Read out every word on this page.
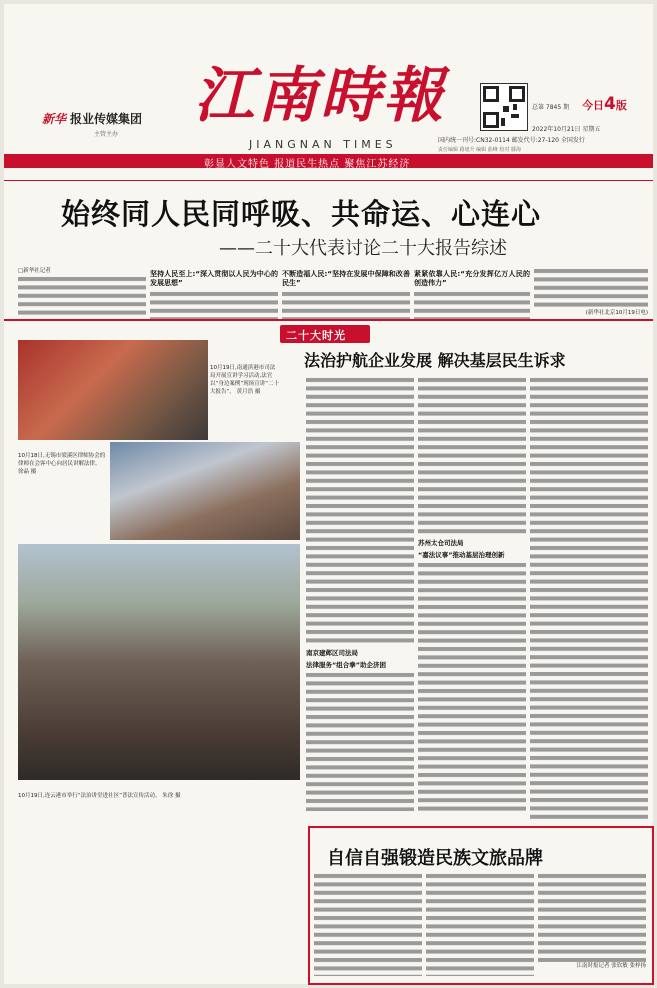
新华 报业传媒集团
主管主办
江南時報
JIANGNAN TIMES
今日4版
总第 7845 期
2022年10月21日 星期五
国内统一刊号:CN32-0114 邮发代号:27-120 全国发行
责任编辑 路旭升 编辑 曲峰 校对 滕海
彰显人文特色 报道民生热点 聚焦江苏经济
始终同人民同呼吸、共命运、心连心
——二十大代表讨论二十大报告综述

□新华社记者	坚持人民至上:“深入贯彻以人民为中心的发展思想”
不断造福人民:“坚持在发展中保障和改善民生”
紧紧依靠人民:“充分发挥亿万人民的创造伟力”

(新华社北京10月19日电)

二十大时光
法治护航企业发展 解决基层民生诉求
10月19日,南通滨港市司法局开展宣讲学习活动,法官以“身边案例”现场宣讲“二十大报告”。 黄月浩 摄
10月18日,无锡市梁溪区律师协会的律师在会客中心向居民讲解法律。 徐晶 摄
10月19日,连云港市举行“法治讲堂进社区”普法宣传活动。 朱徐 摄
南京建邺区司法局
法律服务“组合拳”助企济困
苏州太仓司法局
“嘉法议事”推动基层治理创新
自信自强锻造民族文旅品牌

江南时报记者 张钦敏 张梓扬
